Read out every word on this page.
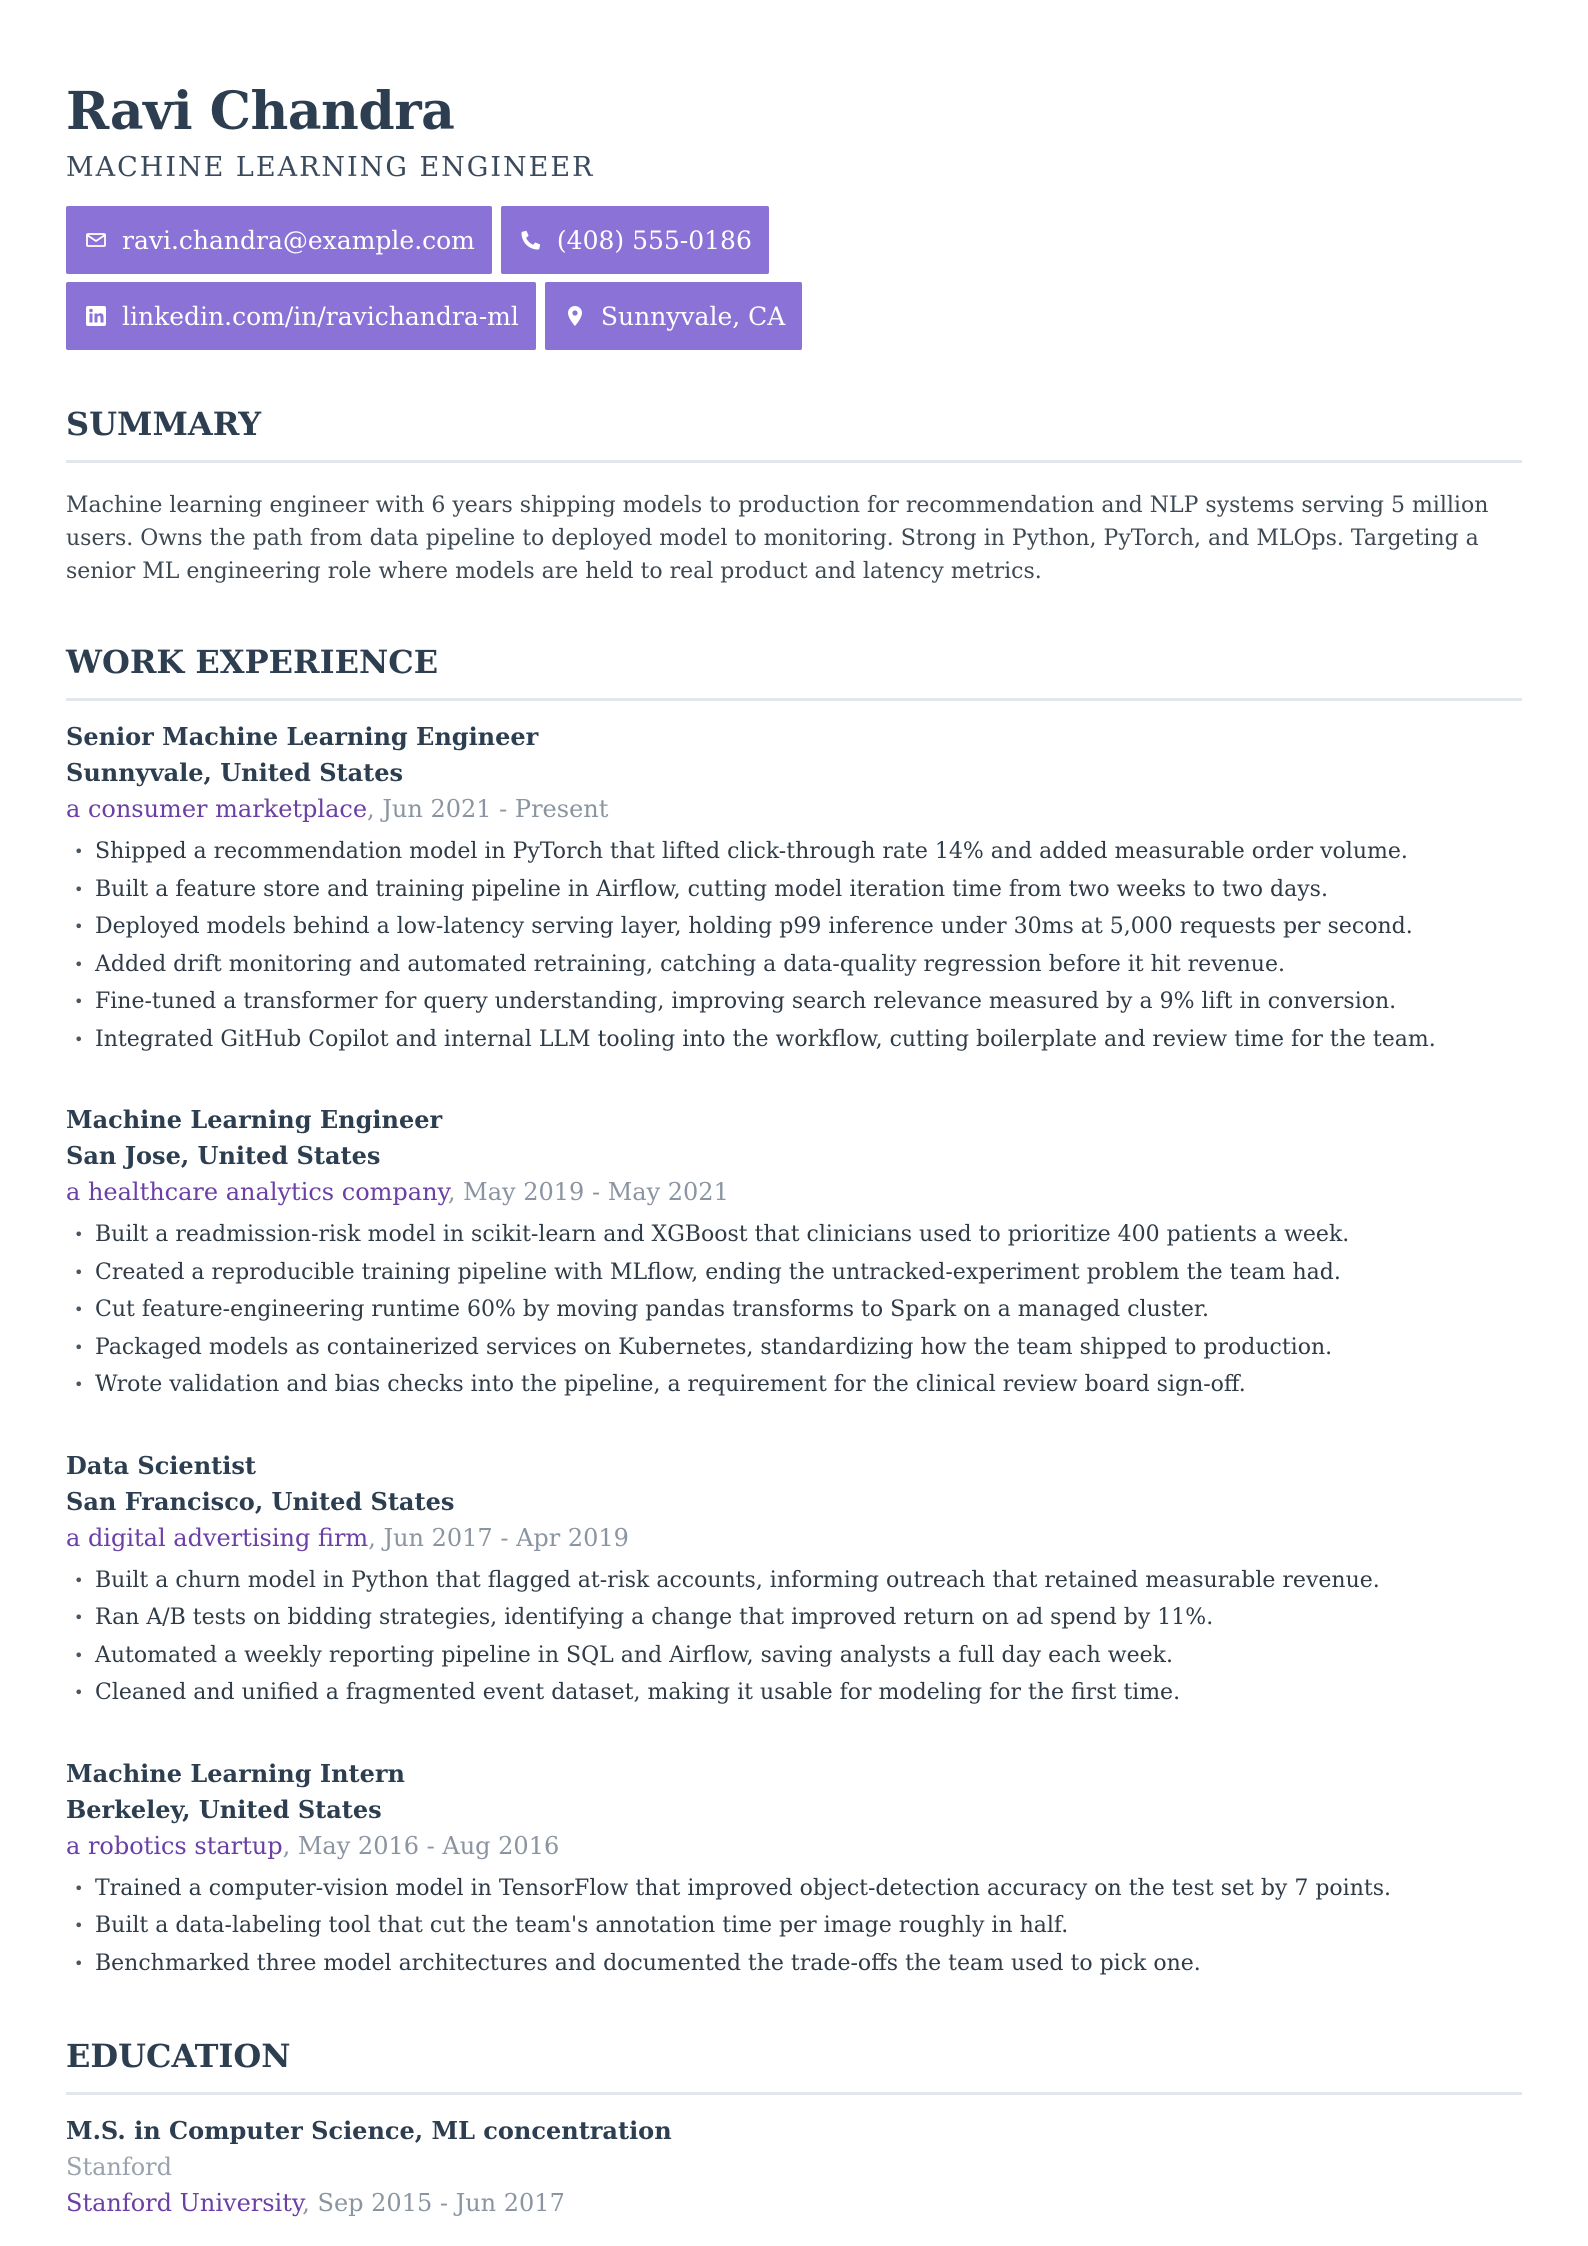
Ravi Chandra
MACHINE LEARNING ENGINEER
ravi.chandra@example.com	(408) 555-0186
linkedin.com/in/ravichandra-ml	Sunnyvale, CA
SUMMARY

Machine learning engineer with 6 years shipping models to production for recommendation and NLP systems serving 5 million users. Owns the path from data pipeline to deployed model to monitoring. Strong in Python, PyTorch, and MLOps. Targeting a senior ML engineering role where models are held to real product and latency metrics.

WORK EXPERIENCE
Senior Machine Learning Engineer
Sunnyvale, United States
a consumer marketplace, Jun 2021 - Present
• Shipped a recommendation model in PyTorch that lifted click-through rate 14% and added measurable order volume.
• Built a feature store and training pipeline in Airflow, cutting model iteration time from two weeks to two days.
• Deployed models behind a low-latency serving layer, holding p99 inference under 30ms at 5,000 requests per second.
• Added drift monitoring and automated retraining, catching a data-quality regression before it hit revenue.
• Fine-tuned a transformer for query understanding, improving search relevance measured by a 9% lift in conversion.
• Integrated GitHub Copilot and internal LLM tooling into the workflow, cutting boilerplate and review time for the team.
Machine Learning Engineer
San Jose, United States
a healthcare analytics company, May 2019 - May 2021
• Built a readmission-risk model in scikit-learn and XGBoost that clinicians used to prioritize 400 patients a week.
• Created a reproducible training pipeline with MLflow, ending the untracked-experiment problem the team had.
• Cut feature-engineering runtime 60% by moving pandas transforms to Spark on a managed cluster.
• Packaged models as containerized services on Kubernetes, standardizing how the team shipped to production.
• Wrote validation and bias checks into the pipeline, a requirement for the clinical review board sign-off.
Data Scientist
San Francisco, United States
a digital advertising firm, Jun 2017 - Apr 2019
• Built a churn model in Python that flagged at-risk accounts, informing outreach that retained measurable revenue.
• Ran A/B tests on bidding strategies, identifying a change that improved return on ad spend by 11%.
• Automated a weekly reporting pipeline in SQL and Airflow, saving analysts a full day each week.
• Cleaned and unified a fragmented event dataset, making it usable for modeling for the first time.
Machine Learning Intern
Berkeley, United States
a robotics startup, May 2016 - Aug 2016
• Trained a computer-vision model in TensorFlow that improved object-detection accuracy on the test set by 7 points.
• Built a data-labeling tool that cut the team's annotation time per image roughly in half.
• Benchmarked three model architectures and documented the trade-offs the team used to pick one.
EDUCATION
M.S. in Computer Science, ML concentration
Stanford
Stanford University, Sep 2015 - Jun 2017
